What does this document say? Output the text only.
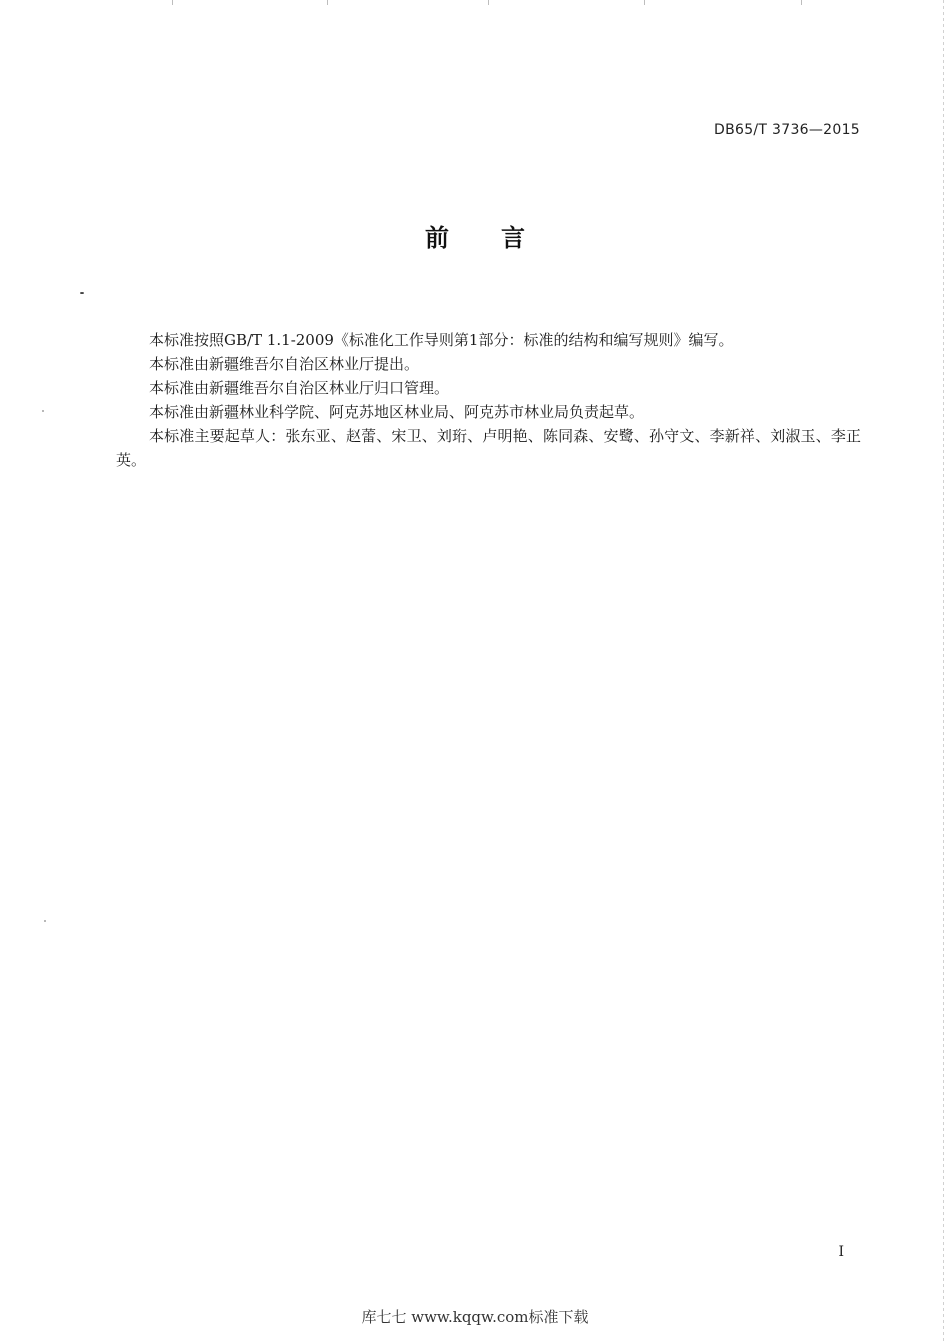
DB65/T 3736—2015
前言

本标准按照GB/T 1.1-2009《标准化工作导则第1部分：标准的结构和编写规则》编写。

本标准由新疆维吾尔自治区林业厅提出。

本标准由新疆维吾尔自治区林业厅归口管理。

本标准由新疆林业科学院、阿克苏地区林业局、阿克苏市林业局负责起草。

本标准主要起草人：张东亚、赵蕾、宋卫、刘珩、卢明艳、陈同森、安鹭、孙守文、李新祥、刘淑玉、李正英。

I
库七七 www.kqqw.com标准下载
